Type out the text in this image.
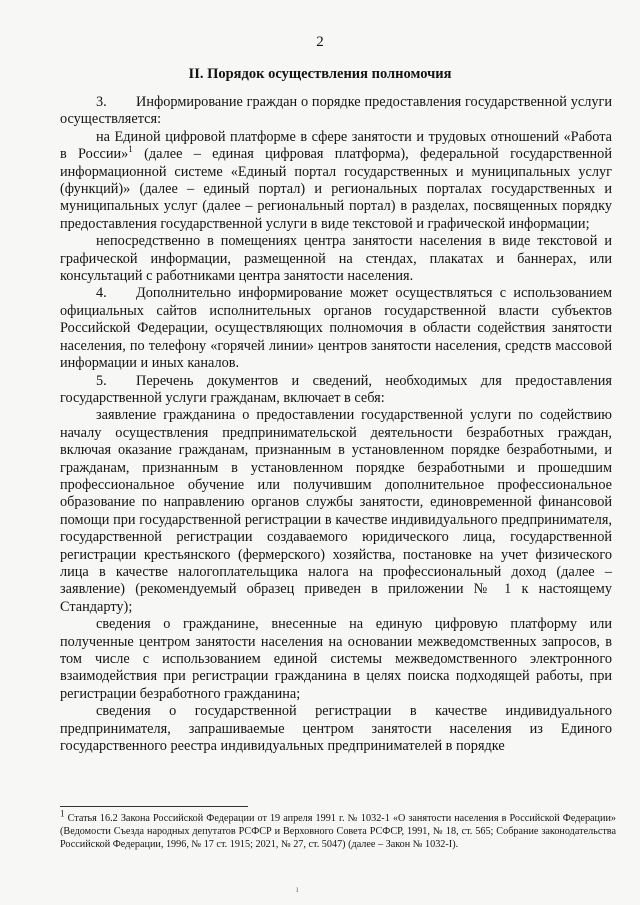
2
II. Порядок осуществления полномочия

3. Информирование граждан о порядке предоставления государственной услуги осуществляется:

на Единой цифровой платформе в сфере занятости и трудовых отношений «Работа в России»$^1$ (далее – единая цифровая платформа), федеральной государственной информационной системе «Единый портал государственных и муниципальных услуг (функций)» (далее – единый портал) и региональных порталах государственных и муниципальных услуг (далее – региональный портал) в разделах, посвященных порядку предоставления государственной услуги в виде текстовой и графической информации;

непосредственно в помещениях центра занятости населения в виде текстовой и графической информации, размещенной на стендах, плакатах и баннерах, или консультаций с работниками центра занятости населения.

4. Дополнительно информирование может осуществляться с использованием официальных сайтов исполнительных органов государственной власти субъектов Российской Федерации, осуществляющих полномочия в области содействия занятости населения, по телефону «горячей линии» центров занятости населения, средств массовой информации и иных каналов.

5. Перечень документов и сведений, необходимых для предоставления государственной услуги гражданам, включает в себя:

заявление гражданина о предоставлении государственной услуги по содействию началу осуществления предпринимательской деятельности безработных граждан, включая оказание гражданам, признанным в установленном порядке безработными, и гражданам, признанным в установленном порядке безработными и прошедшим профессиональное обучение или получившим дополнительное профессиональное образование по направлению органов службы занятости, единовременной финансовой помощи при государственной регистрации в качестве индивидуального предпринимателя, государственной регистрации создаваемого юридического лица, государственной регистрации крестьянского (фермерского) хозяйства, постановке на учет физического лица в качестве налогоплательщика налога на профессиональный доход (далее – заявление) (рекомендуемый образец приведен в приложении № 1 к настоящему Стандарту);

сведения о гражданине, внесенные на единую цифровую платформу или полученные центром занятости населения на основании межведомственных запросов, в том числе с использованием единой системы межведомственного электронного взаимодействия при регистрации гражданина в целях поиска подходящей работы, при регистрации безработного гражданина;

сведения о государственной регистрации в качестве индивидуального предпринимателя, запрашиваемые центром занятости населения из Единого государственного реестра индивидуальных предпринимателей в порядке

$^1$ Статья 16.2 Закона Российской Федерации от 19 апреля 1991 г. № 1032-1 «О занятости населения в Российской Федерации» (Ведомости Съезда народных депутатов РСФСР и Верховного Совета РСФСР, 1991, № 18, ст. 565; Собрание законодательства Российской Федерации, 1996, № 17 ст. 1915; 2021, № 27, ст. 5047) (далее – Закон № 1032-I).

ı
